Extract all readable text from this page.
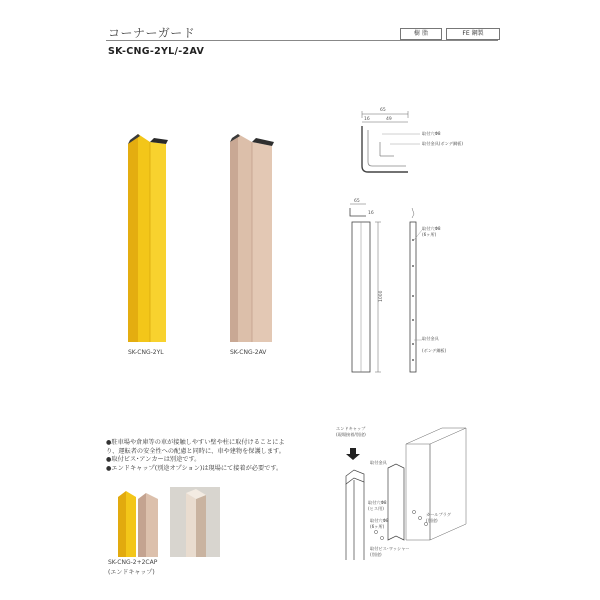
コーナーガード	樹 脂	FE 鋼製
SK-CNG-2YL/-2AV
SK-CNG-2YL	SK-CNG-2AV
65
16	49
取付穴Φ8
取付金具(ボンデ鋼板)
65
16
1000
取付穴Φ8
(6ヶ所)
取付金具
(ボンデ鋼板)
●駐車場や倉庫等の車が接触しやすい壁や柱に取付けることによ
り、運転者の安全性への配慮と同時に、車や建物を保護します。
●取付ビス･アンカーは別途です。
●エンドキャップ(別途オプション)は現場にて接着が必要です。
SK-CNG-2+2CAP
(エンドキャップ)
エンドキャップ
(現場接着/別途)
取付金具
取付穴Φ8
(ヒス用)
カールプラグ
(別途)
取付穴Φ8
(6ヶ所)
取付ビス･ワッシャー
(別途)
